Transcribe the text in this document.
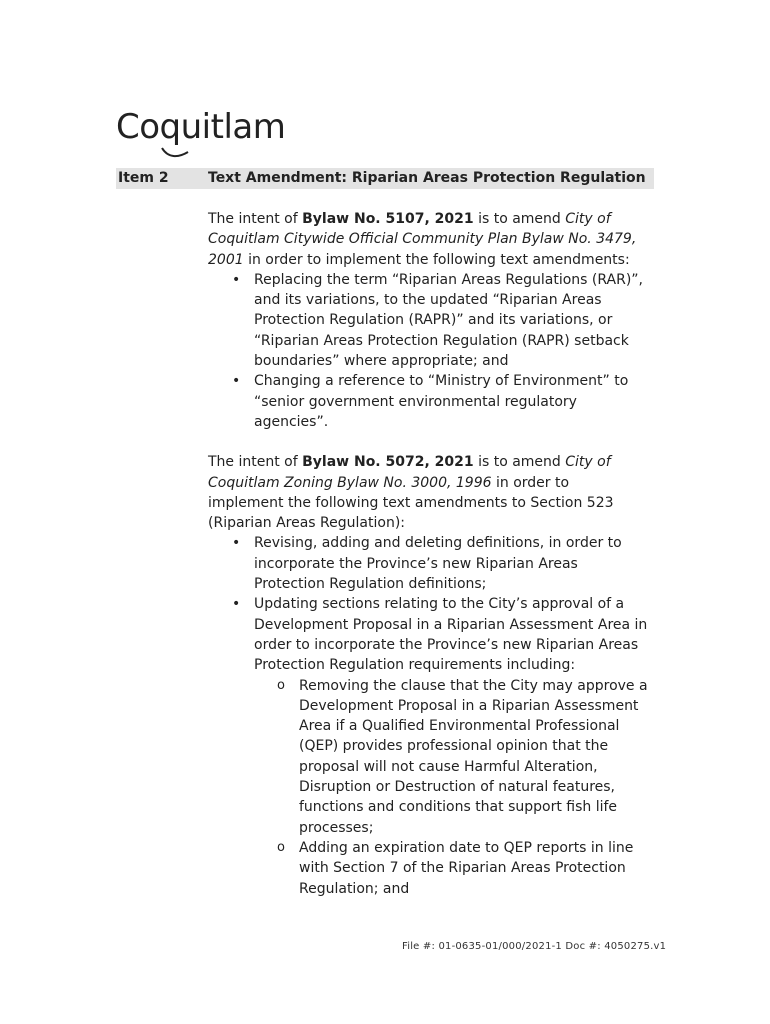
Coquitlam
Item 2	Text Amendment: Riparian Areas Protection Regulation

The intent of Bylaw No. 5107, 2021 is to amend City of Coquitlam Citywide Official Community Plan Bylaw No. 3479, 2001 in order to implement the following text amendments:

• Replacing the term “Riparian Areas Regulations (RAR)”, and its variations, to the updated “Riparian Areas Protection Regulation (RAPR)” and its variations, or “Riparian Areas Protection Regulation (RAPR) setback boundaries” where appropriate; and
• Changing a reference to “Ministry of Environment” to “senior government environmental regulatory agencies”.

The intent of Bylaw No. 5072, 2021 is to amend City of Coquitlam Zoning Bylaw No. 3000, 1996 in order to implement the following text amendments to Section 523 (Riparian Areas Regulation):

• Revising, adding and deleting definitions, in order to incorporate the Province’s new Riparian Areas Protection Regulation definitions;
• Updating sections relating to the City’s approval of a Development Proposal in a Riparian Assessment Area in order to incorporate the Province’s new Riparian Areas Protection Regulation requirements including:
o Removing the clause that the City may approve a Development Proposal in a Riparian Assessment Area if a Qualified Environmental Professional (QEP) provides professional opinion that the proposal will not cause Harmful Alteration, Disruption or Destruction of natural features, functions and conditions that support fish life processes;
o Adding an expiration date to QEP reports in line with Section 7 of the Riparian Areas Protection Regulation; and
File #: 01-0635-01/000/2021-1 Doc #: 4050275.v1
